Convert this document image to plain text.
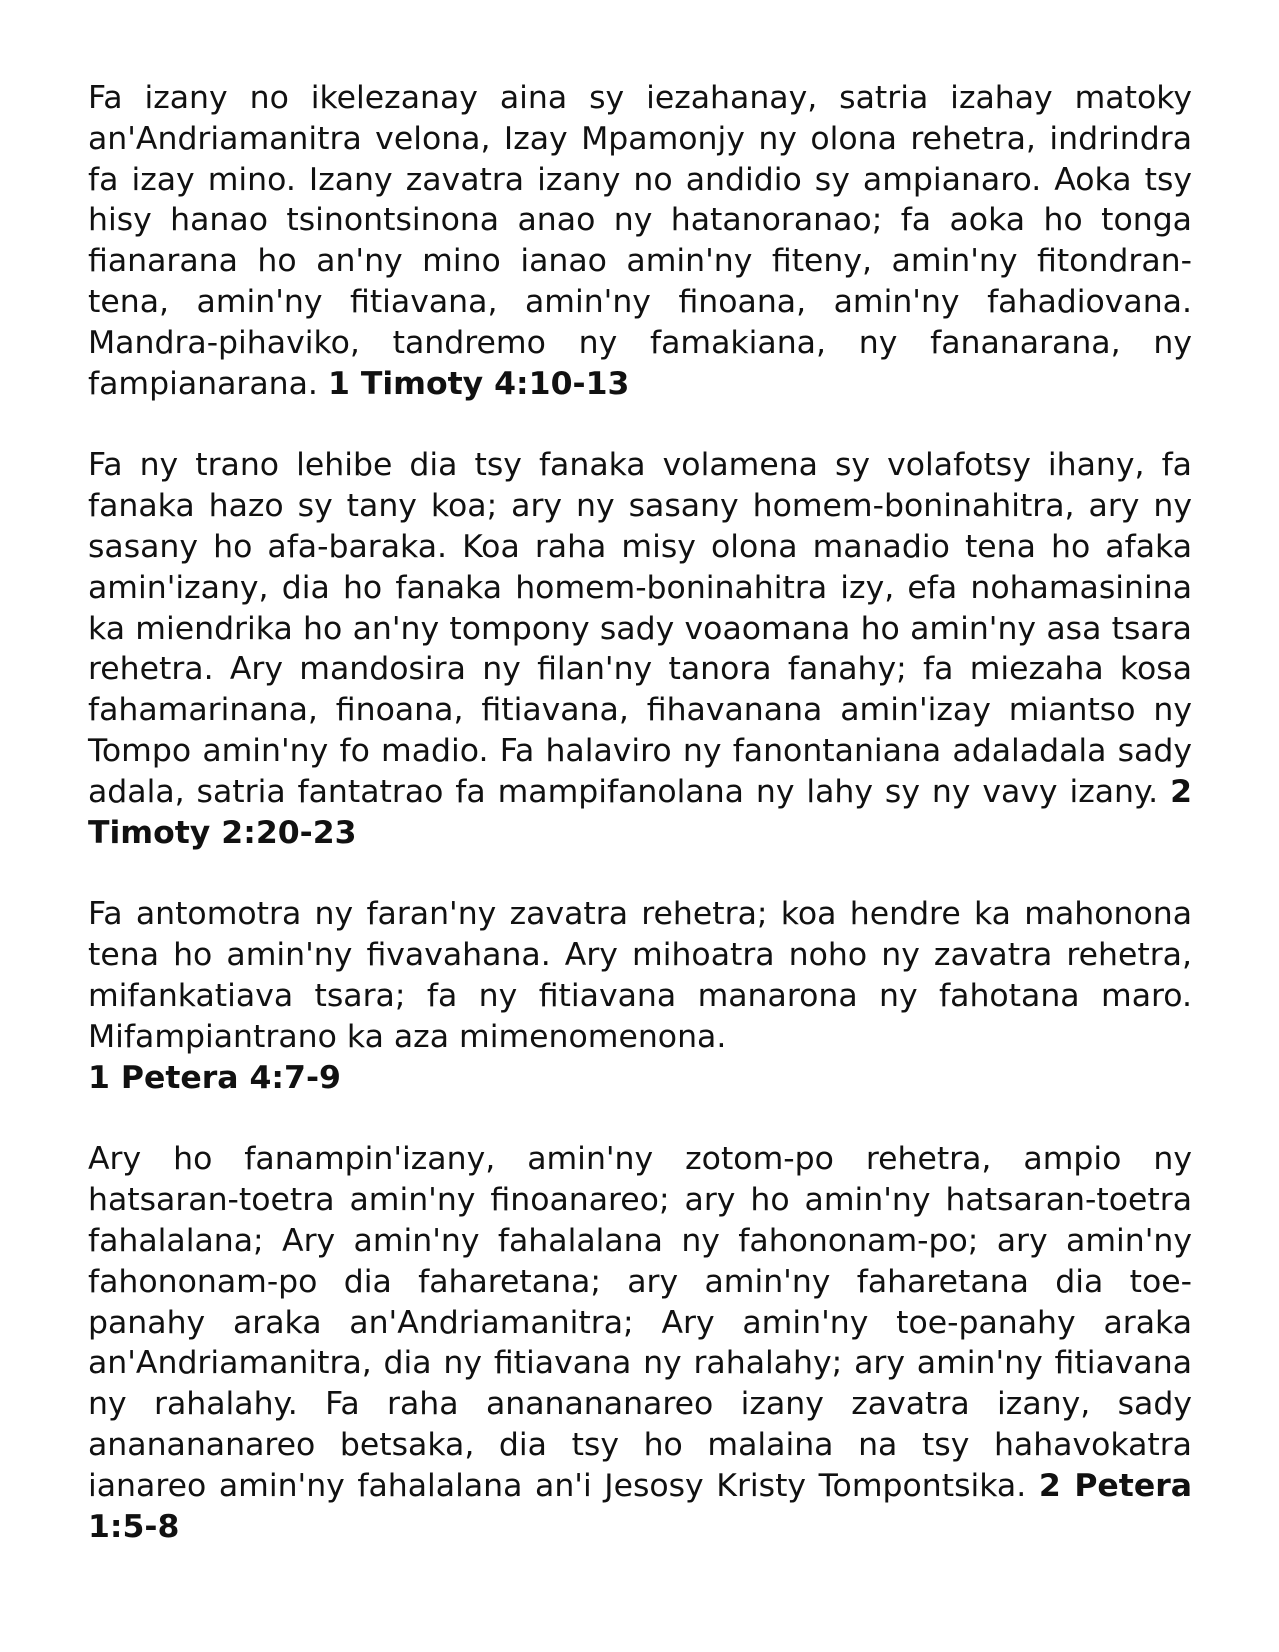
Fa izany no ikelezanay aina sy iezahanay, satria izahay matoky an'Andriamanitra velona, Izay Mpamonjy ny olona rehetra, indrindra fa izay mino. Izany zavatra izany no andidio sy ampianaro. Aoka tsy hisy hanao tsinontsinona anao ny hatanoranao; fa aoka ho tonga fianarana ho an'ny mino ianao amin'ny fiteny, amin'ny fitondran-tena, amin'ny fitiavana, amin'ny finoana, amin'ny fahadiovana. Mandra-pihaviko, tandremo ny famakiana, ny fananarana, ny fampianarana. 1 Timoty 4:10-13

Fa ny trano lehibe dia tsy fanaka volamena sy volafotsy ihany, fa fanaka hazo sy tany koa; ary ny sasany homem-boninahitra, ary ny sasany ho afa-baraka. Koa raha misy olona manadio tena ho afaka amin'izany, dia ho fanaka homem-boninahitra izy, efa nohamasinina ka miendrika ho an'ny tompony sady voaomana ho amin'ny asa tsara rehetra. Ary mandosira ny filan'ny tanora fanahy; fa miezaha kosa fahamarinana, finoana, fitiavana, fihavanana amin'izay miantso ny Tompo amin'ny fo madio. Fa halaviro ny fanontaniana adaladala sady adala, satria fantatrao fa mampifanolana ny lahy sy ny vavy izany. 2 Timoty 2:20-23

Fa antomotra ny faran'ny zavatra rehetra; koa hendre ka mahonona tena ho amin'ny fivavahana. Ary mihoatra noho ny zavatra rehetra, mifankatiava tsara; fa ny fitiavana manarona ny fahotana maro. Mifampiantrano ka aza mimenomenona.
1 Petera 4:7-9

Ary ho fanampin'izany, amin'ny zotom-po rehetra, ampio ny hatsaran-toetra amin'ny finoanareo; ary ho amin'ny hatsaran-toetra fahalalana; Ary amin'ny fahalalana ny fahononam-po; ary amin'ny fahononam-po dia faharetana; ary amin'ny faharetana dia toe-panahy araka an'Andriamanitra; Ary amin'ny toe-panahy araka an'Andriamanitra, dia ny fitiavana ny rahalahy; ary amin'ny fitiavana ny rahalahy. Fa raha ananananareo izany zavatra izany, sady ananananareo betsaka, dia tsy ho malaina na tsy hahavokatra ianareo amin'ny fahalalana an'i Jesosy Kristy Tompontsika. 2 Petera 1:5-8
